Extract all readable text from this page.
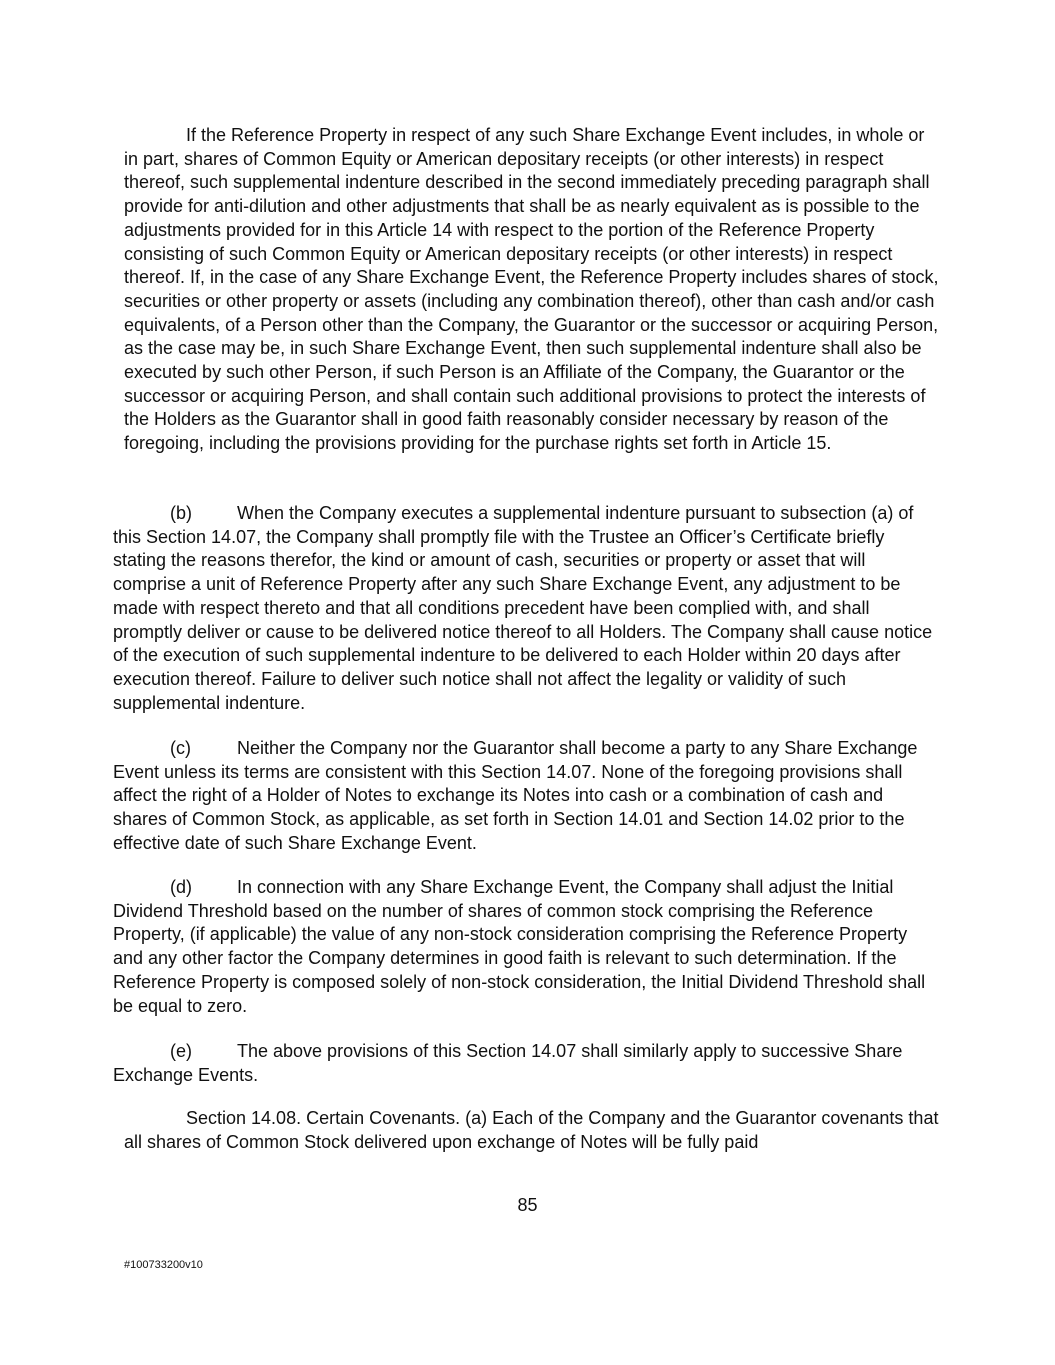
If the Reference Property in respect of any such Share Exchange Event includes, in whole or in part, shares of Common Equity or American depositary receipts (or other interests) in respect thereof, such supplemental indenture described in the second immediately preceding paragraph shall provide for anti-dilution and other adjustments that shall be as nearly equivalent as is possible to the adjustments provided for in this Article 14 with respect to the portion of the Reference Property consisting of such Common Equity or American depositary receipts (or other interests) in respect thereof. If, in the case of any Share Exchange Event, the Reference Property includes shares of stock, securities or other property or assets (including any combination thereof), other than cash and/or cash equivalents, of a Person other than the Company, the Guarantor or the successor or acquiring Person, as the case may be, in such Share Exchange Event, then such supplemental indenture shall also be executed by such other Person, if such Person is an Affiliate of the Company, the Guarantor or the successor or acquiring Person, and shall contain such additional provisions to protect the interests of the Holders as the Guarantor shall in good faith reasonably consider necessary by reason of the foregoing, including the provisions providing for the purchase rights set forth in Article 15.

(b)	When the Company executes a supplemental indenture pursuant to subsection (a) of this Section 14.07, the Company shall promptly file with the Trustee an Officer’s Certificate briefly stating the reasons therefor, the kind or amount of cash, securities or property or asset that will comprise a unit of Reference Property after any such Share Exchange Event, any adjustment to be made with respect thereto and that all conditions precedent have been complied with, and shall promptly deliver or cause to be delivered notice thereof to all Holders. The Company shall cause notice of the execution of such supplemental indenture to be delivered to each Holder within 20 days after execution thereof. Failure to deliver such notice shall not affect the legality or validity of such supplemental indenture.

(c)	Neither the Company nor the Guarantor shall become a party to any Share Exchange Event unless its terms are consistent with this Section 14.07. None of the foregoing provisions shall affect the right of a Holder of Notes to exchange its Notes into cash or a combination of cash and shares of Common Stock, as applicable, as set forth in Section 14.01 and Section 14.02 prior to the effective date of such Share Exchange Event.

(d)	In connection with any Share Exchange Event, the Company shall adjust the Initial Dividend Threshold based on the number of shares of common stock comprising the Reference Property, (if applicable) the value of any non-stock consideration comprising the Reference Property and any other factor the Company determines in good faith is relevant to such determination. If the Reference Property is composed solely of non-stock consideration, the Initial Dividend Threshold shall be equal to zero.

(e)	The above provisions of this Section 14.07 shall similarly apply to successive Share Exchange Events.

Section 14.08. Certain Covenants. (a) Each of the Company and the Guarantor covenants that all shares of Common Stock delivered upon exchange of Notes will be fully paid

85
#100733200v10
